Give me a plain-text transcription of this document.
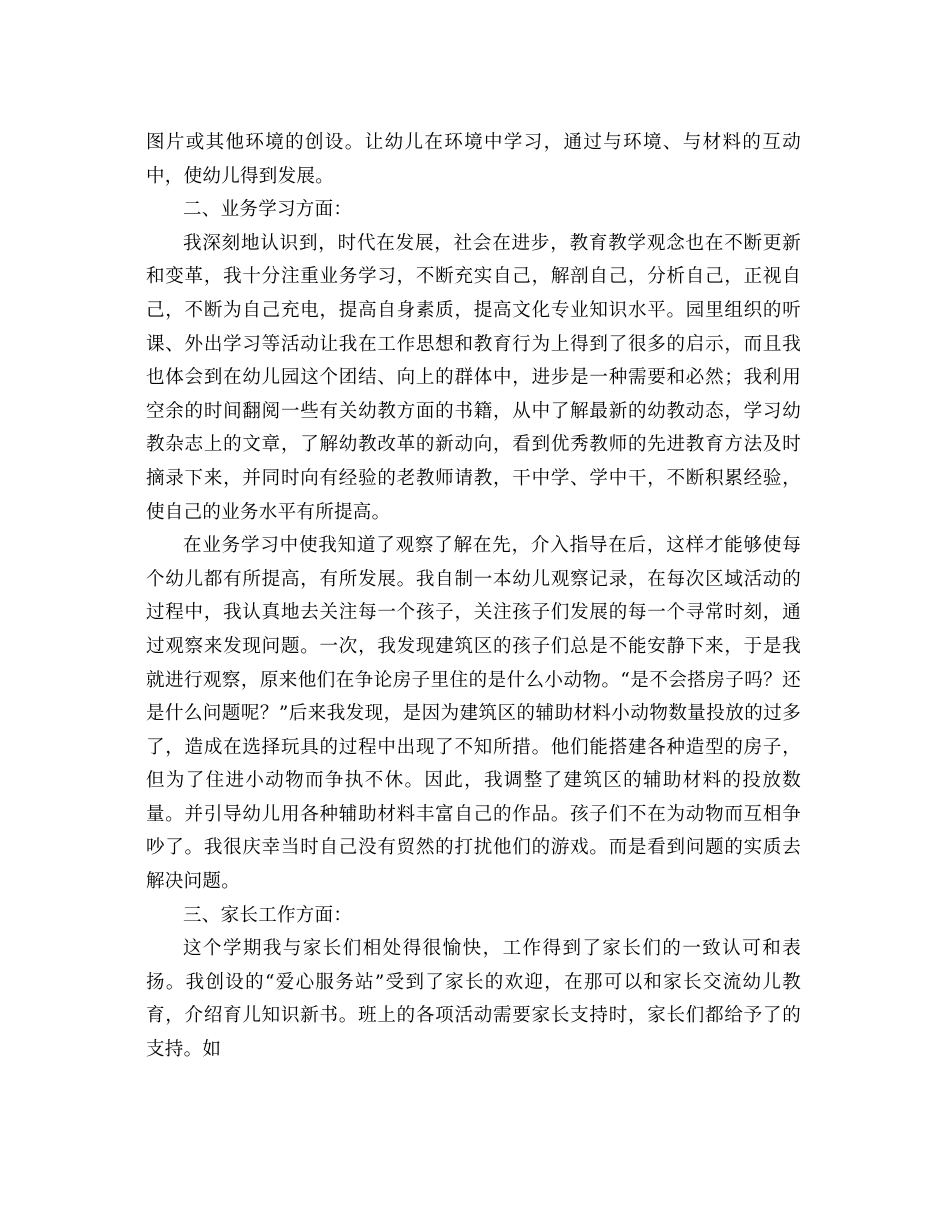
图片或其他环境的创设。让幼儿在环境中学习，通过与环境、与材料的互动中，使幼儿得到发展。

二、业务学习方面：

我深刻地认识到，时代在发展，社会在进步，教育教学观念也在不断更新和变革，我十分注重业务学习，不断充实自己，解剖自己，分析自己，正视自己，不断为自己充电，提高自身素质，提高文化专业知识水平。园里组织的听课、外出学习等活动让我在工作思想和教育行为上得到了很多的启示，而且我也体会到在幼儿园这个团结、向上的群体中，进步是一种需要和必然；我利用空余的时间翻阅一些有关幼教方面的书籍，从中了解最新的幼教动态，学习幼教杂志上的文章，了解幼教改革的新动向，看到优秀教师的先进教育方法及时摘录下来，并同时向有经验的老教师请教，干中学、学中干，不断积累经验，使自己的业务水平有所提高。

在业务学习中使我知道了观察了解在先，介入指导在后，这样才能够使每个幼儿都有所提高，有所发展。我自制一本幼儿观察记录，在每次区域活动的过程中，我认真地去关注每一个孩子，关注孩子们发展的每一个寻常时刻，通过观察来发现问题。一次，我发现建筑区的孩子们总是不能安静下来，于是我就进行观察，原来他们在争论房子里住的是什么小动物。“是不会搭房子吗？还是什么问题呢？”后来我发现，是因为建筑区的辅助材料小动物数量投放的过多了，造成在选择玩具的过程中出现了不知所措。他们能搭建各种造型的房子，但为了住进小动物而争执不休。因此，我调整了建筑区的辅助材料的投放数量。并引导幼儿用各种辅助材料丰富自己的作品。孩子们不在为动物而互相争吵了。我很庆幸当时自己没有贸然的打扰他们的游戏。而是看到问题的实质去解决问题。

三、家长工作方面：

这个学期我与家长们相处得很愉快，工作得到了家长们的一致认可和表扬。我创设的“爱心服务站”受到了家长的欢迎，在那可以和家长交流幼儿教育，介绍育儿知识新书。班上的各项活动需要家长支持时，家长们都给予了的支持。如
